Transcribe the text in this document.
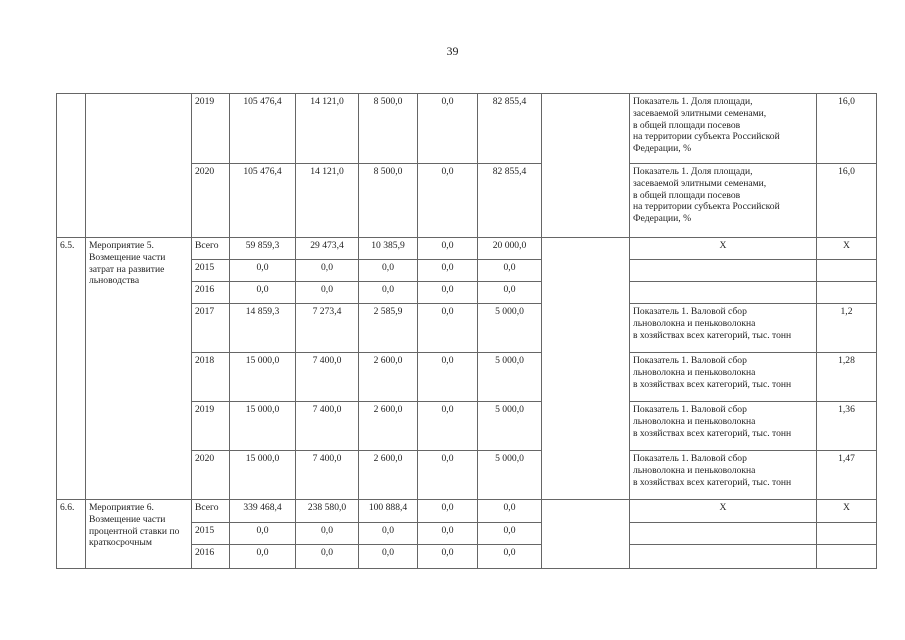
39
		2019	105 476,4	14 121,0	8 500,0	0,0	82 855,4		Показатель 1. Доля площади,
засеваемой элитными семенами,
в общей площади посевов
на территории субъекта Российской
Федерации, %	16,0
		2020	105 476,4	14 121,0	8 500,0	0,0	82 855,4		Показатель 1. Доля площади,
засеваемой элитными семенами,
в общей площади посевов
на территории субъекта Российской
Федерации, %	16,0
6.5.	Мероприятие 5. Возмещение части затрат на развитие льноводства	Всего	59 859,3	29 473,4	10 385,9	0,0	20 000,0		Х	Х
		2015	0,0	0,0	0,0	0,0	0,0			
		2016	0,0	0,0	0,0	0,0	0,0			
		2017	14 859,3	7 273,4	2 585,9	0,0	5 000,0		Показатель 1. Валовой сбор
льноволокна и пеньковолокна
в хозяйствах всех категорий, тыс. тонн	1,2
		2018	15 000,0	7 400,0	2 600,0	0,0	5 000,0		Показатель 1. Валовой сбор
льноволокна и пеньковолокна
в хозяйствах всех категорий, тыс. тонн	1,28
		2019	15 000,0	7 400,0	2 600,0	0,0	5 000,0		Показатель 1. Валовой сбор
льноволокна и пеньковолокна
в хозяйствах всех категорий, тыс. тонн	1,36
		2020	15 000,0	7 400,0	2 600,0	0,0	5 000,0		Показатель 1. Валовой сбор
льноволокна и пеньковолокна
в хозяйствах всех категорий, тыс. тонн	1,47
6.6.	Мероприятие 6. Возмещение части процентной ставки по краткосрочным	Всего	339 468,4	238 580,0	100 888,4	0,0	0,0		Х	Х
		2015	0,0	0,0	0,0	0,0	0,0			
		2016	0,0	0,0	0,0	0,0	0,0			
